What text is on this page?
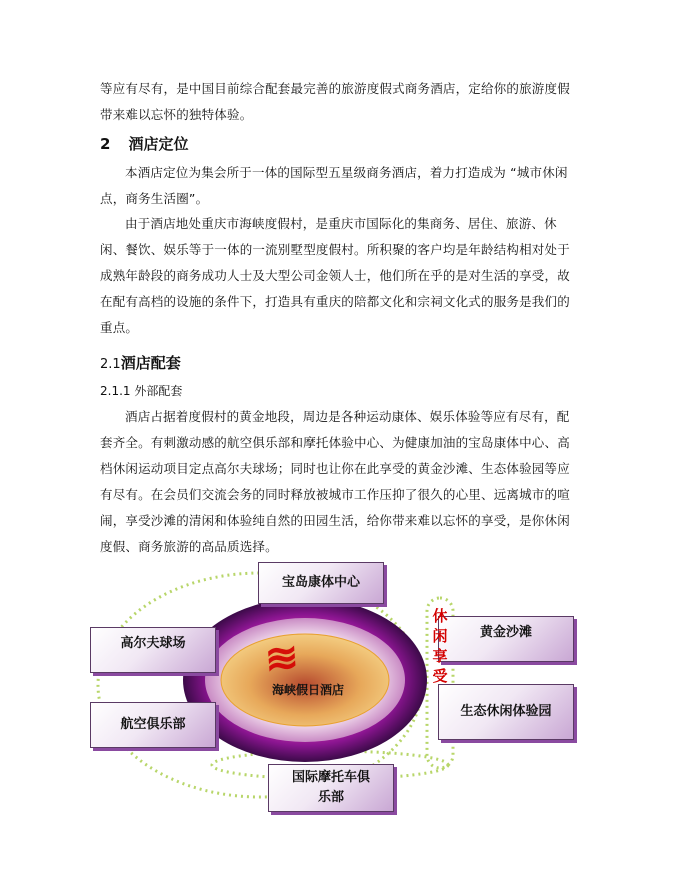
等应有尽有，是中国目前综合配套最完善的旅游度假式商务酒店，定给你的旅游度假带来难以忘怀的独特体验。

2 酒店定位

本酒店定位为集会所于一体的国际型五星级商务酒店，着力打造成为 “城市休闲点，商务生活圈”。

由于酒店地处重庆市海峡度假村，是重庆市国际化的集商务、居住、旅游、休闲、餐饮、娱乐等于一体的一流别墅型度假村。所积聚的客户均是年龄结构相对处于成熟年龄段的商务成功人士及大型公司金领人士，他们所在乎的是对生活的享受，故在配有高档的设施的条件下，打造具有重庆的陪都文化和宗祠文化式的服务是我们的重点。

2.1酒店配套
2.1.1 外部配套

酒店占据着度假村的黄金地段，周边是各种运动康体、娱乐体验等应有尽有，配套齐全。有刺激动感的航空俱乐部和摩托体验中心、为健康加油的宝岛康体中心、高档休闲运动项目定点高尔夫球场；同时也让你在此享受的黄金沙滩、生态体验园等应有尽有。在会员们交流会务的同时释放被城市工作压抑了很久的心里、远离城市的喧闹，享受沙滩的清闲和体验纯自然的田园生活，给你带来难以忘怀的享受，是你休闲度假、商务旅游的高品质选择。

≋
海峡假日酒店
宝岛康体中心
国际摩托车俱乐部
高尔夫球场
航空俱乐部
黄金沙滩
生态休闲体验园
休闲享受
